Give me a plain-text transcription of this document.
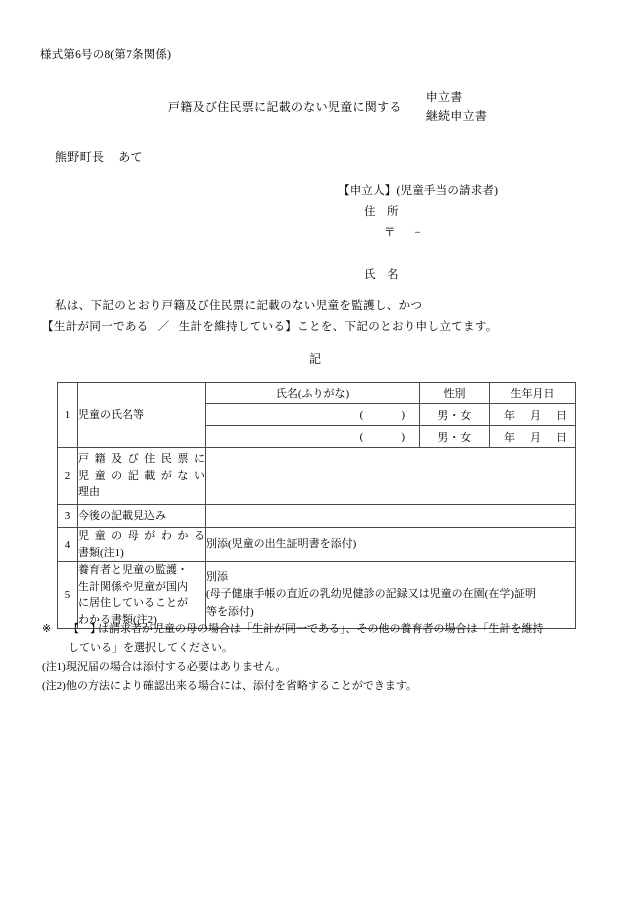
様式第6号の8(第7条関係)
戸籍及び住民票に記載のない児童に関する
申立書
継続申立書
熊野町長 あて
【申立人】(児童手当の請求者)
住　所
〒 −
氏　名
私は、下記のとおり戸籍及び住民票に記載のない児童を監護し、かつ
【生計が同一である ／ 生計を維持している】ことを、下記のとおり申し立てます。
記
1	児童の氏名等	氏名(ふりがな)	性別	生年月日

		( )	男・女	年 月 日

		( )	男・女	年 月 日
2	戸籍及び住民票に
児童の記載がない
理由			

3	今後の記載見込み			

4	児童の母がわかる
書類(注1)	別添(児童の出生証明書を添付)		
5	養育者と児童の監護・
生計関係や児童が国内
に居住していることが
わかる書類(注2)	別添
(母子健康手帳の直近の乳幼児健診の記録又は児童の在園(在学)証明
等を添付)		
※ 【　】は請求者が児童の母の場合は「生計が同一である」、その他の養育者の場合は「生計を維持
している」を選択してください。
(注1)現況届の場合は添付する必要はありません。
(注2)他の方法により確認出来る場合には、添付を省略することができます。
